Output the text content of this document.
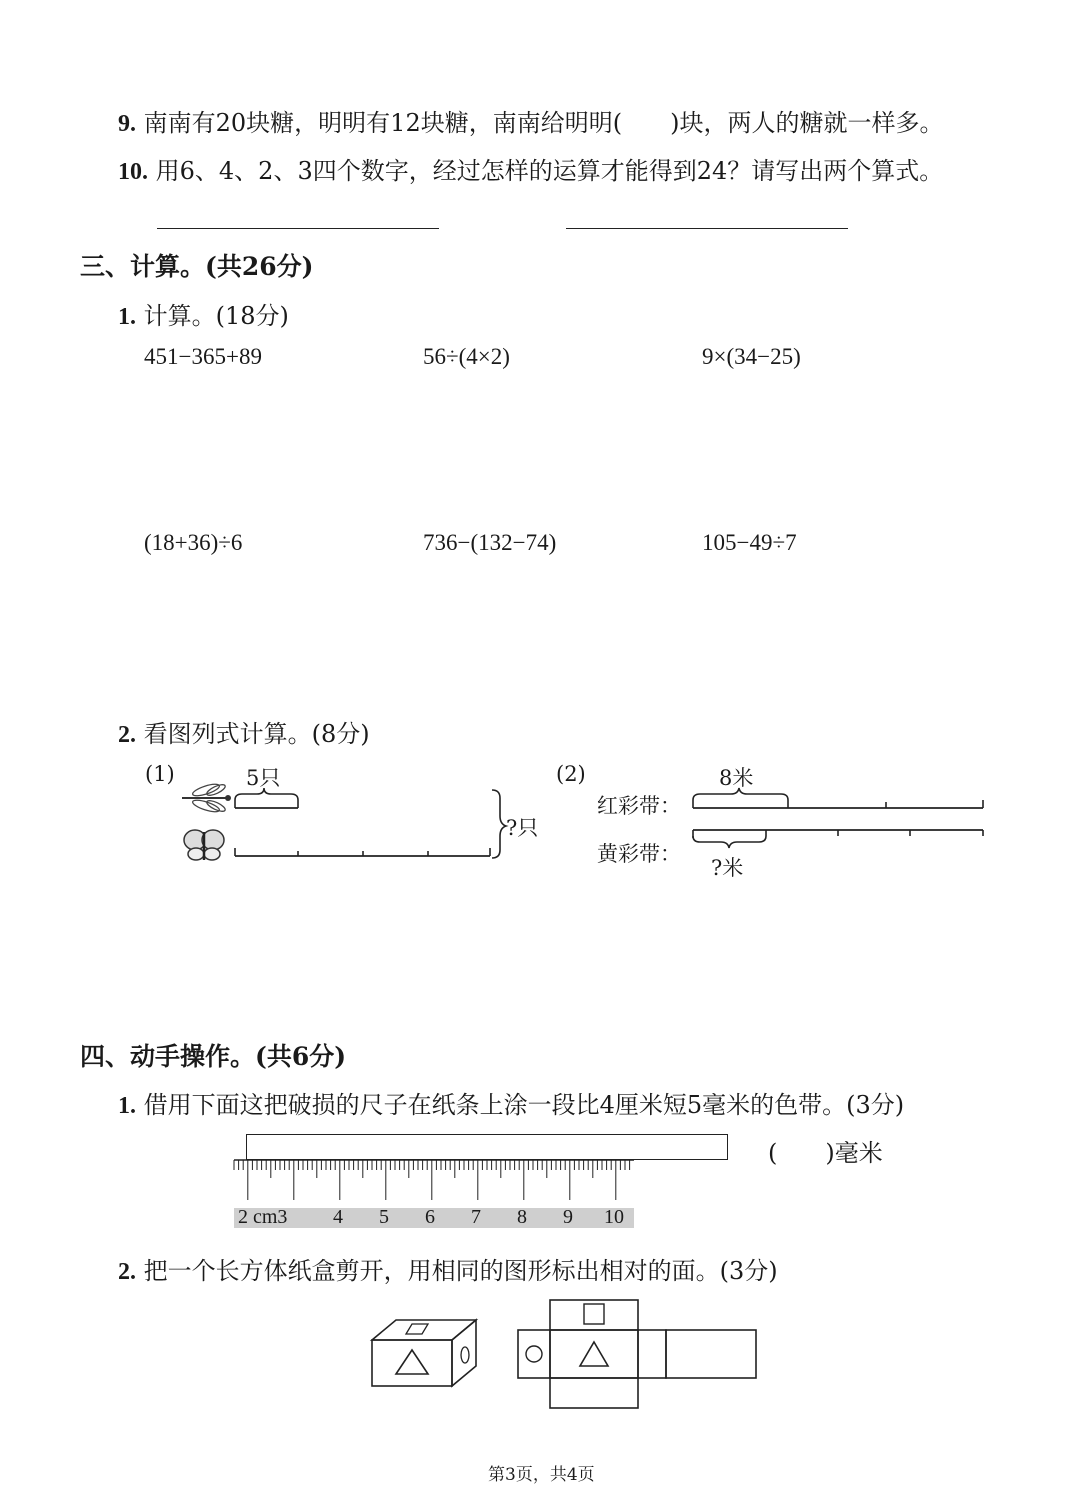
9. 南南有20块糖，明明有12块糖，南南给明明(　　)块，两人的糖就一样多。
10. 用6、4、2、3四个数字，经过怎样的运算才能得到24？请写出两个算式。
三、计算。(共26分)
1. 计算。(18分)
451−365+89	56÷(4×2)	9×(34−25)
(18+36)÷6	736−(132−74)	105−49÷7
2. 看图列式计算。(8分)
(1)	5只
?只
(2)	8米
红彩带：
黄彩带：
?米
四、动手操作。(共6分)
1. 借用下面这把破损的尺子在纸条上涂一段比4厘米短5毫米的色带。(3分)
(　　)毫米
2 cm3 4 5 6 7 8 9 10
2. 把一个长方体纸盒剪开，用相同的图形标出相对的面。(3分)
第3页，共4页
